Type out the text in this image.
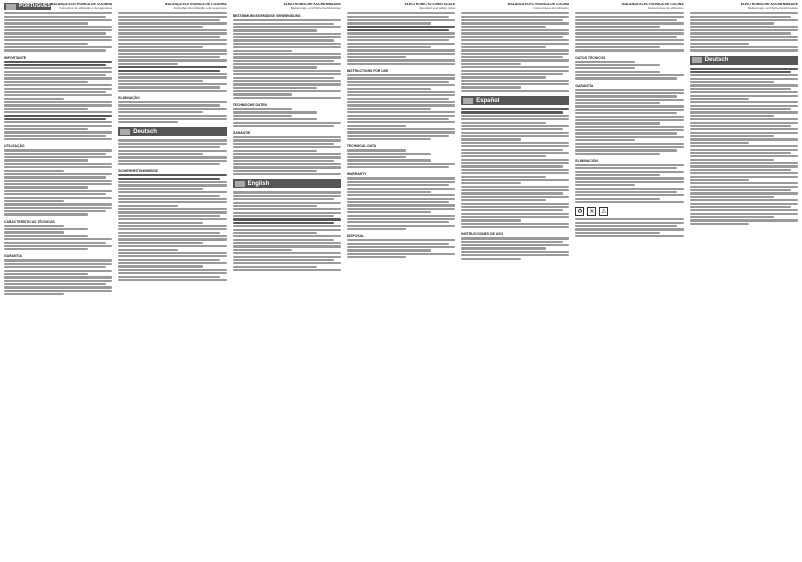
PORTUGUÊS BALANÇA ELETRÓNICA DE COZINHA
Instruções de utilização e de segurança
IMPORTANTE
UTILIZAÇÃO
CARACTERÍSTICAS TÉCNICAS
GARANTIA
BALANÇA ELETRÓNICA DE COZINHA
Instruções de utilização e de segurança
ELIMINAÇÃO
Deutsch
SICHERHEITSHINWEISE
ELEKTRONISCHE KÜCHENWAAGE
Bedienungs- und Sicherheitshinweise
BESTIMMUNGSGEMÄSSE VERWENDUNG
TECHNISCHE DATEN
GARANTIE
English
ELECTRONIC KITCHEN SCALE
Operation and safety notes
INSTRUCTIONS FOR USE
TECHNICAL DATA
WARRANTY
DISPOSAL
BALANZA ELECTRÓNICA DE COCINA
Instrucciones de utilización
Español
INSTRUCCIONES DE USO
BALANZA ELECTRÓNICA DE COCINA
Instrucciones de utilización
DATOS TÉCNICOS
GARANTÍA
ELIMINACIÓN
♻	✕	⚠
ELEKTRONISCHE KÜCHENWAAGE
Bedienungs- und Sicherheitshinweise
Deutsch
